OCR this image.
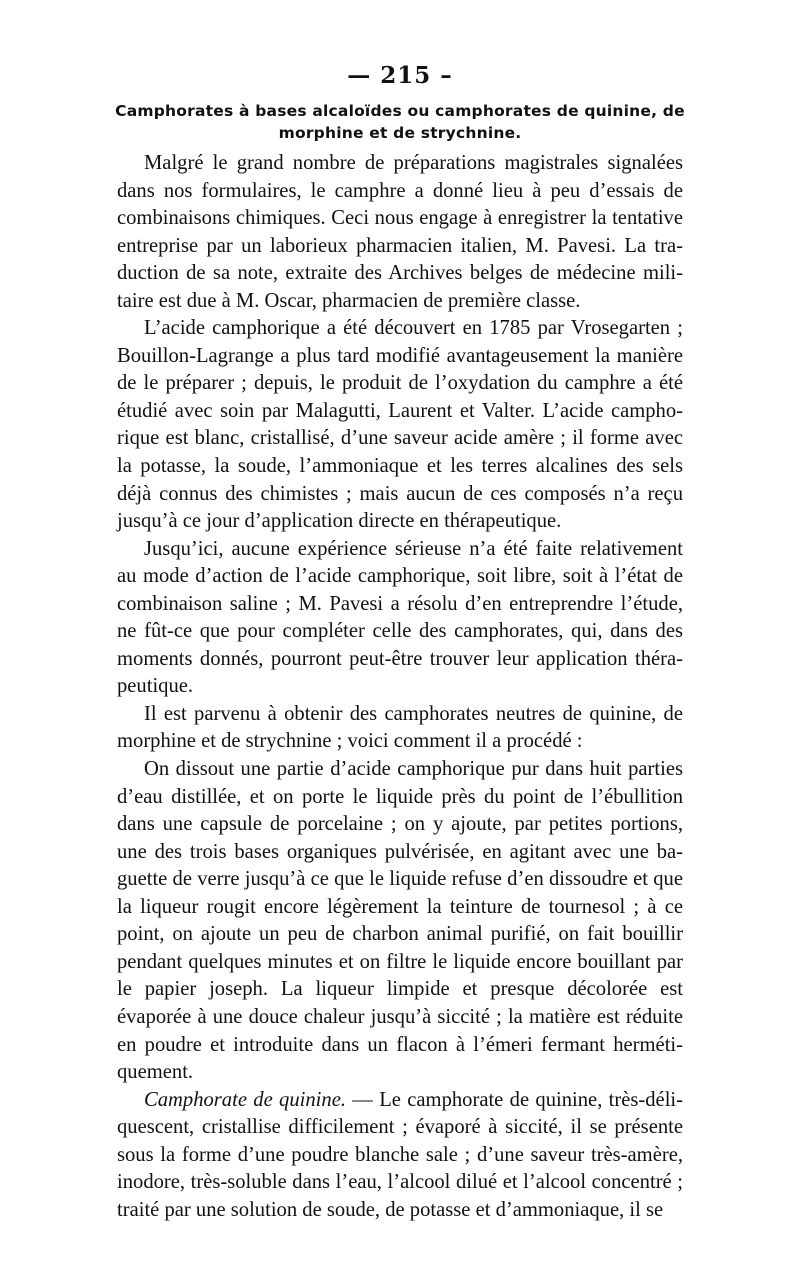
— 215 –
Camphorates à bases alcaloïdes ou camphorates de quinine, de morphine et de strychnine.

Malgré le grand nombre de préparations magistrales signalées dans nos formulaires, le camphre a donné lieu à peu d’essais de combinaisons chimiques. Ceci nous engage à enregistrer la tentative entreprise par un laborieux pharmacien italien, M. Pavesi. La traduction de sa note, extraite des Archives belges de médecine militaire est due à M. Oscar, pharmacien de première classe.

L’acide camphorique a été découvert en 1785 par Vrosegarten ; Bouillon-Lagrange a plus tard modifié avantageusement la manière de le préparer ; depuis, le produit de l’oxydation du camphre a été étudié avec soin par Malagutti, Laurent et Valter. L’acide camphorique est blanc, cristallisé, d’une saveur acide amère ; il forme avec la potasse, la soude, l’ammoniaque et les terres alcalines des sels déjà connus des chimistes ; mais aucun de ces composés n’a reçu jusqu’à ce jour d’application directe en thérapeutique.

Jusqu’ici, aucune expérience sérieuse n’a été faite relativement au mode d’action de l’acide camphorique, soit libre, soit à l’état de combinaison saline ; M. Pavesi a résolu d’en entreprendre l’étude, ne fût-ce que pour compléter celle des camphorates, qui, dans des moments donnés, pourront peut-être trouver leur application thérapeutique.

Il est parvenu à obtenir des camphorates neutres de quinine, de morphine et de strychnine ; voici comment il a procédé :

On dissout une partie d’acide camphorique pur dans huit parties d’eau distillée, et on porte le liquide près du point de l’ébullition dans une capsule de porcelaine ; on y ajoute, par petites portions, une des trois bases organiques pulvérisée, en agitant avec une baguette de verre jusqu’à ce que le liquide refuse d’en dissoudre et que la liqueur rougit encore légèrement la teinture de tournesol ; à ce point, on ajoute un peu de charbon animal purifié, on fait bouillir pendant quelques minutes et on filtre le liquide encore bouillant par le papier joseph. La liqueur limpide et presque décolorée est évaporée à une douce chaleur jusqu’à siccité ; la matière est réduite en poudre et introduite dans un flacon à l’émeri fermant hermétiquement.

Camphorate de quinine. — Le camphorate de quinine, très-déliquescent, cristallise difficilement ; évaporé à siccité, il se présente sous la forme d’une poudre blanche sale ; d’une saveur très-amère, inodore, très-soluble dans l’eau, l’alcool dilué et l’alcool concentré ; traité par une solution de soude, de potasse et d’ammoniaque, il se
